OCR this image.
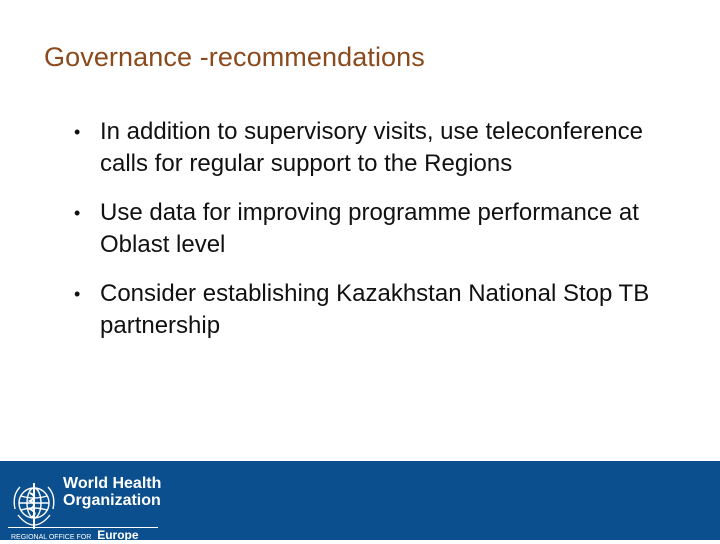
Governance -recommendations
• In addition to supervisory visits, use teleconference calls for regular support to the Regions
• Use data for improving programme performance at Oblast level
• Consider establishing Kazakhstan National Stop TB partnership
World Health
Organization
REGIONAL OFFICE FOR Europe
